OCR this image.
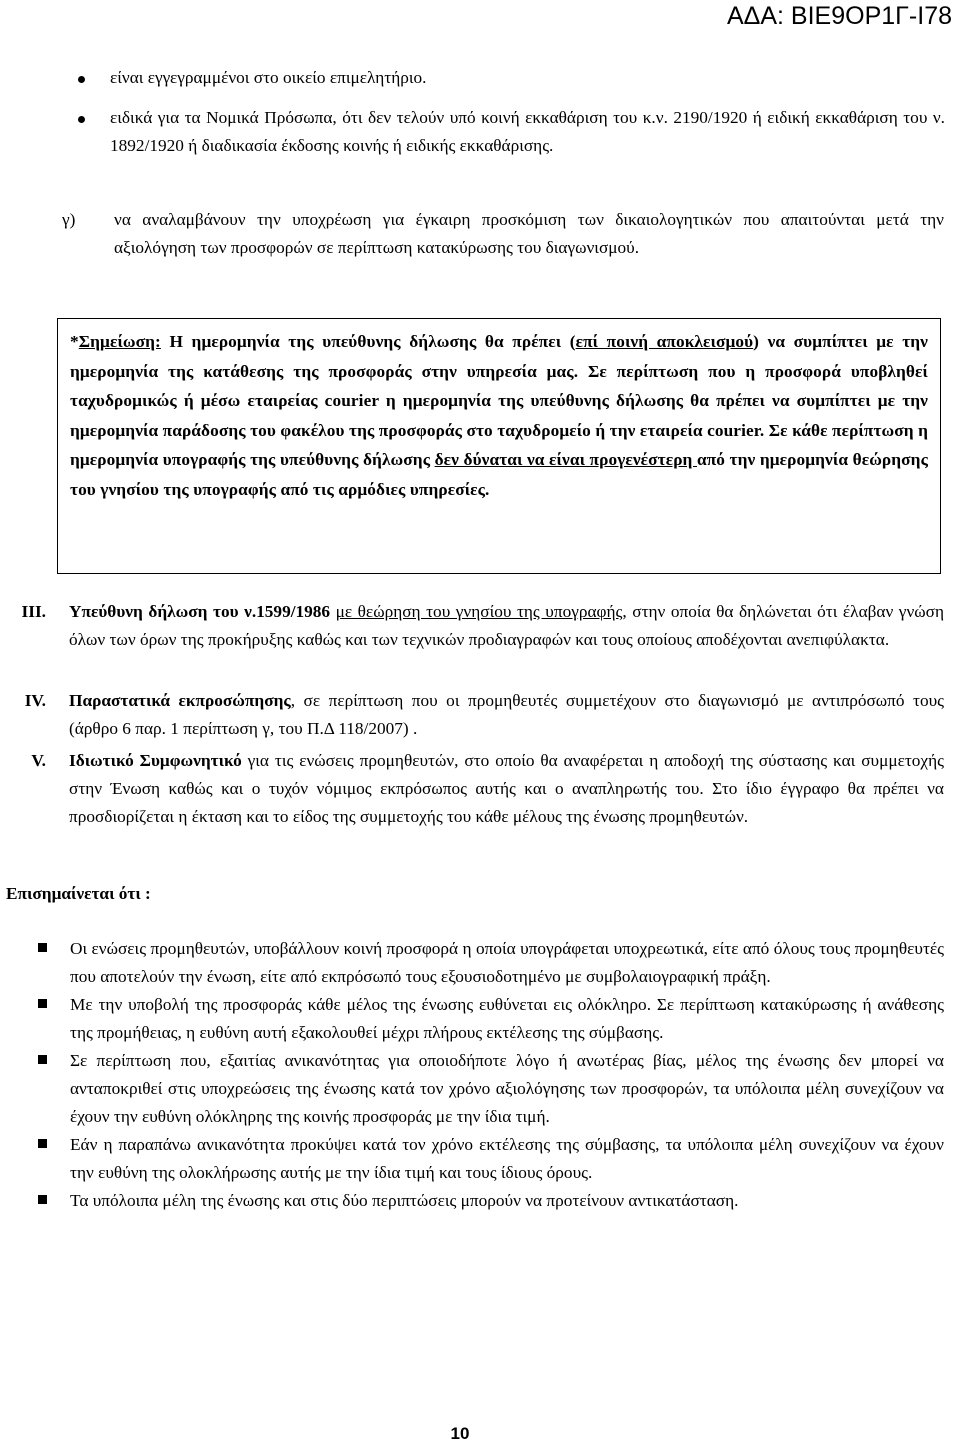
ΑΔΑ: ΒΙΕ9ΟΡ1Γ-Ι78
είναι εγγεγραμμένοι στο οικείο επιμελητήριο.
ειδικά για τα Νομικά Πρόσωπα, ότι δεν τελούν υπό κοινή εκκαθάριση του κ.ν. 2190/1920 ή ειδική εκκαθάριση του ν. 1892/1920 ή διαδικασία έκδοσης κοινής ή ειδικής εκκαθάρισης.
γ) να αναλαμβάνουν την υποχρέωση για έγκαιρη προσκόμιση των δικαιολογητικών που απαιτούνται μετά την αξιολόγηση των προσφορών σε περίπτωση κατακύρωσης του διαγωνισμού.
*Σημείωση: Η ημερομηνία της υπεύθυνης δήλωσης θα πρέπει (επί ποινή αποκλεισμού) να συμπίπτει με την ημερομηνία της κατάθεσης της προσφοράς στην υπηρεσία μας. Σε περίπτωση που η προσφορά υποβληθεί ταχυδρομικώς ή μέσω εταιρείας courier η ημερομηνία της υπεύθυνης δήλωσης θα πρέπει να συμπίπτει με την ημερομηνία παράδοσης του φακέλου της προσφοράς στο ταχυδρομείο ή την εταιρεία courier. Σε κάθε περίπτωση η ημερομηνία υπογραφής της υπεύθυνης δήλωσης δεν δύναται να είναι προγενέστερη από την ημερομηνία θεώρησης του γνησίου της υπογραφής από τις αρμόδιες υπηρεσίες.
III. Υπεύθυνη δήλωση του ν.1599/1986 με θεώρηση του γνησίου της υπογραφής, στην οποία θα δηλώνεται ότι έλαβαν γνώση όλων των όρων της προκήρυξης καθώς και των τεχνικών προδιαγραφών και τους οποίους αποδέχονται ανεπιφύλακτα.
IV. Παραστατικά εκπροσώπησης, σε περίπτωση που οι προμηθευτές συμμετέχουν στο διαγωνισμό με αντιπρόσωπό τους (άρθρο 6 παρ. 1 περίπτωση γ, του Π.Δ 118/2007) .
V. Ιδιωτικό Συμφωνητικό για τις ενώσεις προμηθευτών, στο οποίο θα αναφέρεται η αποδοχή της σύστασης και συμμετοχής στην Ένωση καθώς και ο τυχόν νόμιμος εκπρόσωπος αυτής και ο αναπληρωτής του. Στο ίδιο έγγραφο θα πρέπει να προσδιορίζεται η έκταση και το είδος της συμμετοχής του κάθε μέλους της ένωσης προμηθευτών.
Επισημαίνεται ότι :
Οι ενώσεις προμηθευτών, υποβάλλουν κοινή προσφορά η οποία υπογράφεται υποχρεωτικά, είτε από όλους τους προμηθευτές που αποτελούν την ένωση, είτε από εκπρόσωπό τους εξουσιοδοτημένο με συμβολαιογραφική πράξη.
Με την υποβολή της προσφοράς κάθε μέλος της ένωσης ευθύνεται εις ολόκληρο. Σε περίπτωση κατακύρωσης ή ανάθεσης της προμήθειας, η ευθύνη αυτή εξακολουθεί μέχρι πλήρους εκτέλεσης της σύμβασης.
Σε περίπτωση που, εξαιτίας ανικανότητας για οποιοδήποτε λόγο ή ανωτέρας βίας, μέλος της ένωσης δεν μπορεί να ανταποκριθεί στις υποχρεώσεις της ένωσης κατά τον χρόνο αξιολόγησης των προσφορών, τα υπόλοιπα μέλη συνεχίζουν να έχουν την ευθύνη ολόκληρης της κοινής προσφοράς με την ίδια τιμή.
Εάν η παραπάνω ανικανότητα προκύψει κατά τον χρόνο εκτέλεσης της σύμβασης, τα υπόλοιπα μέλη συνεχίζουν να έχουν την ευθύνη της ολοκλήρωσης αυτής με την ίδια τιμή και τους ίδιους όρους.
Τα υπόλοιπα μέλη της ένωσης και στις δύο περιπτώσεις μπορούν να προτείνουν αντικατάσταση.
10
